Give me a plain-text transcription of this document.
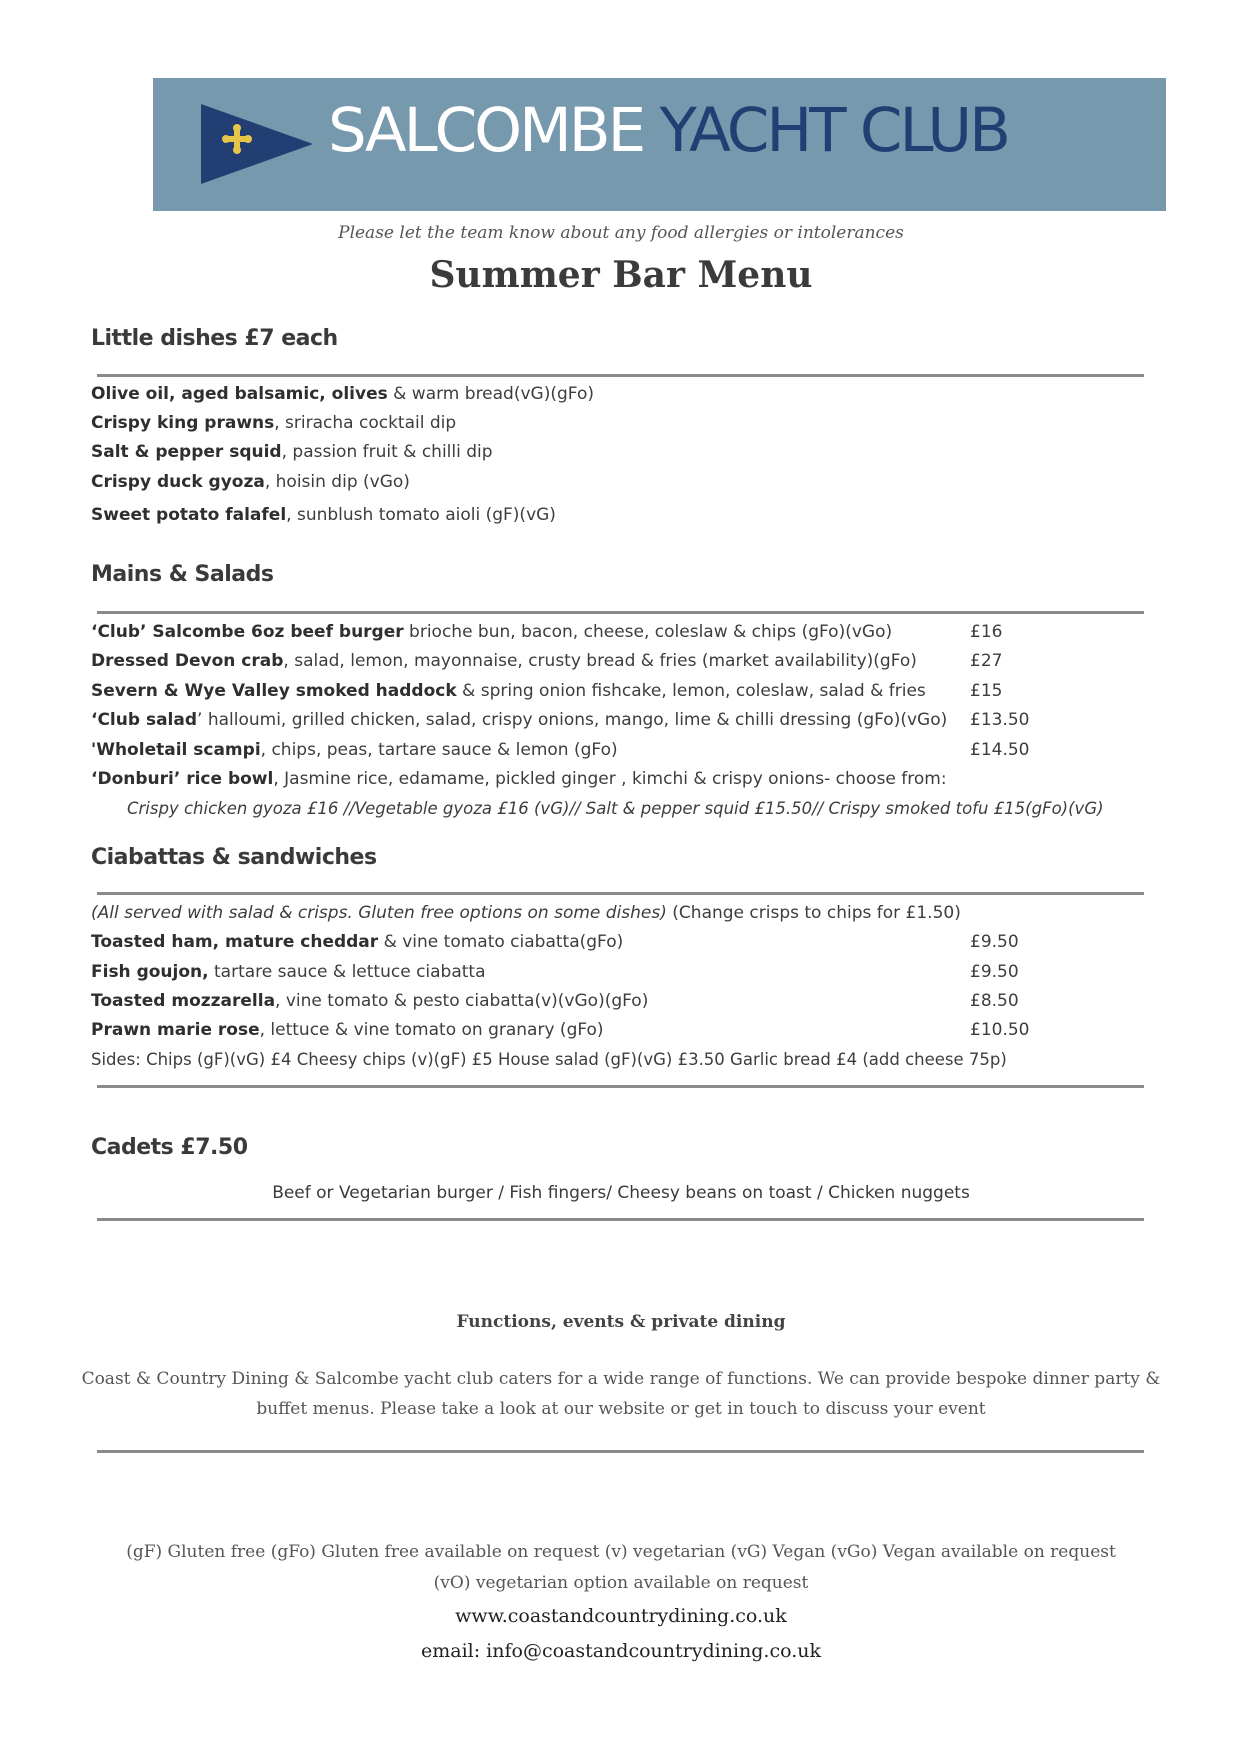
SALCOMBE YACHT CLUB
Please let the team know about any food allergies or intolerances
Summer Bar Menu
Little dishes £7 each
Olive oil, aged balsamic, olives & warm bread(vG)(gFo)
Crispy king prawns, sriracha cocktail dip
Salt & pepper squid, passion fruit & chilli dip
Crispy duck gyoza, hoisin dip (vGo)
Sweet potato falafel, sunblush tomato aioli (gF)(vG)
Mains & Salads
‘Club’ Salcombe 6oz beef burger brioche bun, bacon, cheese, coleslaw & chips (gFo)(vGo)	£16
Dressed Devon crab, salad, lemon, mayonnaise, crusty bread & fries (market availability)(gFo)	£27
Severn & Wye Valley smoked haddock & spring onion fishcake, lemon, coleslaw, salad & fries	£15
‘Club salad’ halloumi, grilled chicken, salad, crispy onions, mango, lime & chilli dressing (gFo)(vGo) £13.50
'Wholetail scampi, chips, peas, tartare sauce & lemon (gFo)	£14.50
‘Donburi’ rice bowl, Jasmine rice, edamame, pickled ginger , kimchi & crispy onions- choose from:
Crispy chicken gyoza £16 //Vegetable gyoza £16 (vG)// Salt & pepper squid £15.50// Crispy smoked tofu £15(gFo)(vG)
Ciabattas & sandwiches
(All served with salad & crisps. Gluten free options on some dishes) (Change crisps to chips for £1.50)
Toasted ham, mature cheddar & vine tomato ciabatta(gFo)	£9.50
Fish goujon, tartare sauce & lettuce ciabatta	£9.50
Toasted mozzarella, vine tomato & pesto ciabatta(v)(vGo)(gFo)	£8.50
Prawn marie rose, lettuce & vine tomato on granary (gFo)	£10.50
Sides: Chips (gF)(vG) £4 Cheesy chips (v)(gF) £5 House salad (gF)(vG) £3.50 Garlic bread £4 (add cheese 75p)
Cadets £7.50
Beef or Vegetarian burger / Fish fingers/ Cheesy beans on toast / Chicken nuggets
Functions, events & private dining
Coast & Country Dining & Salcombe yacht club caters for a wide range of functions. We can provide bespoke dinner party &
buffet menus. Please take a look at our website or get in touch to discuss your event
(gF) Gluten free (gFo) Gluten free available on request (v) vegetarian (vG) Vegan (vGo) Vegan available on request
(vO) vegetarian option available on request
www.coastandcountrydining.co.uk
email: info@coastandcountrydining.co.uk
